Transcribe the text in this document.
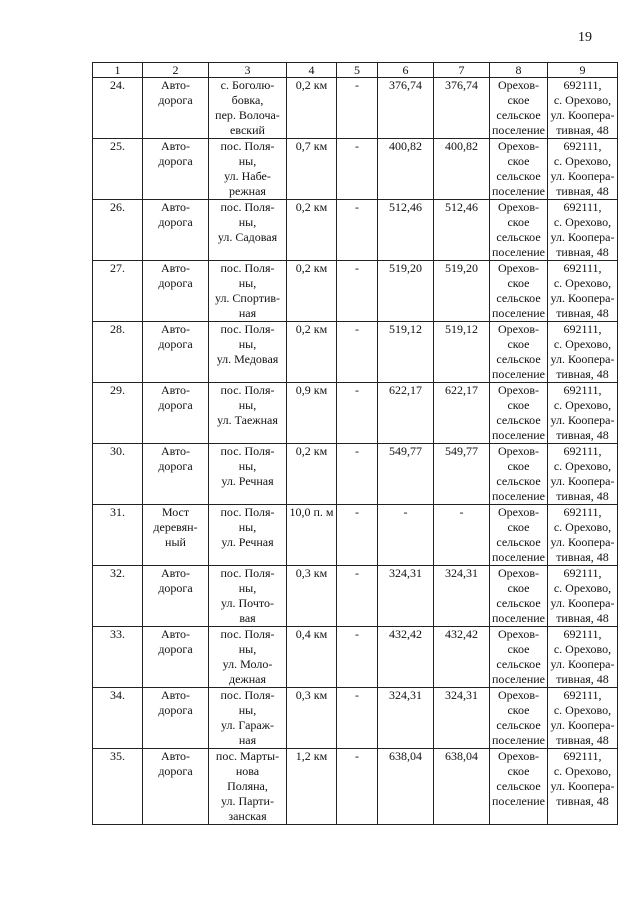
19
1	2	3	4	5	6	7	8	9
24.	Авто-
дорога	с. Боголю-
бовка,
пер. Волоча-
евский	0,2 км	-	376,74	376,74	Орехов-
ское
сельское
поселение	692111,
с. Орехово,
ул. Коопера-
тивная, 48

25.	Авто-
дорога	пос. Поля-
ны,
ул. Набе-
режная	0,7 км	-	400,82	400,82	Орехов-
ское
сельское
поселение	692111,
с. Орехово,
ул. Коопера-
тивная, 48

26.	Авто-
дорога	пос. Поля-
ны,
ул. Садовая	0,2 км	-	512,46	512,46	Орехов-
ское
сельское
поселение	692111,
с. Орехово,
ул. Коопера-
тивная, 48

27.	Авто-
дорога	пос. Поля-
ны,
ул. Спортив-
ная	0,2 км	-	519,20	519,20	Орехов-
ское
сельское
поселение	692111,
с. Орехово,
ул. Коопера-
тивная, 48

28.	Авто-
дорога	пос. Поля-
ны,
ул. Медовая	0,2 км	-	519,12	519,12	Орехов-
ское
сельское
поселение	692111,
с. Орехово,
ул. Коопера-
тивная, 48

29.	Авто-
дорога	пос. Поля-
ны,
ул. Таежная	0,9 км	-	622,17	622,17	Орехов-
ское
сельское
поселение	692111,
с. Орехово,
ул. Коопера-
тивная, 48

30.	Авто-
дорога	пос. Поля-
ны,
ул. Речная	0,2 км	-	549,77	549,77	Орехов-
ское
сельское
поселение	692111,
с. Орехово,
ул. Коопера-
тивная, 48

31.	Мост
деревян-
ный	пос. Поля-
ны,
ул. Речная	10,0 п. м	-	-	-	Орехов-
ское
сельское
поселение	692111,
с. Орехово,
ул. Коопера-
тивная, 48

32.	Авто-
дорога	пос. Поля-
ны,
ул. Почто-
вая	0,3 км	-	324,31	324,31	Орехов-
ское
сельское
поселение	692111,
с. Орехово,
ул. Коопера-
тивная, 48

33.	Авто-
дорога	пос. Поля-
ны,
ул. Моло-
дежная	0,4 км	-	432,42	432,42	Орехов-
ское
сельское
поселение	692111,
с. Орехово,
ул. Коопера-
тивная, 48

34.	Авто-
дорога	пос. Поля-
ны,
ул. Гараж-
ная	0,3 км	-	324,31	324,31	Орехов-
ское
сельское
поселение	692111,
с. Орехово,
ул. Коопера-
тивная, 48

35.	Авто-
дорога	пос. Марты-
нова
Поляна,
ул. Парти-
занская	1,2 км	-	638,04	638,04	Орехов-
ское
сельское
поселение	692111,
с. Орехово,
ул. Коопера-
тивная, 48
